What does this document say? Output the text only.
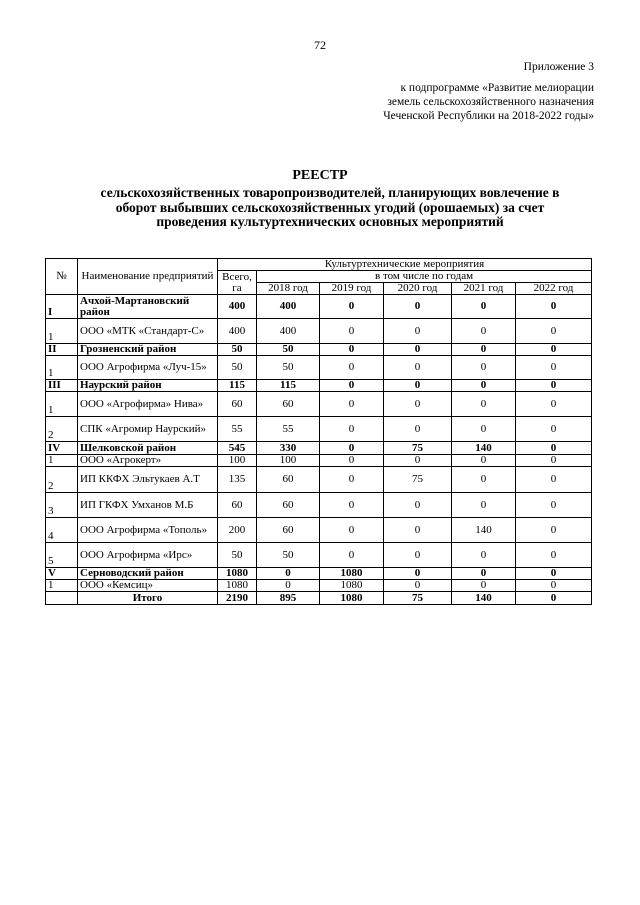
72
Приложение 3
к подпрограмме «Развитие мелиорации
земель сельскохозяйственного назначения
Чеченской Республики на 2018-2022 годы»
РЕЕСТР
сельскохозяйственных товаропроизводителей, планирующих вовлечение в оборот выбывших сельскохозяйственных угодий (орошаемых) за счет проведения культуртехнических основных мероприятий
№	Наименование предприятий	Культуртехнические мероприятия					
		Всего, га	в том числе по годам				
			2018 год	2019 год	2020 год	2021 год	2022 год
I	Ачхой-Мартановский район	400	400	0	0	0	0
1	ООО «МТК «Стандарт-С»	400	400	0	0	0	0
II	Грозненский район	50	50	0	0	0	0
1	ООО Агрофирма «Луч-15»	50	50	0	0	0	0
III	Наурский район	115	115	0	0	0	0
1	ООО «Агрофирма» Нива»	60	60	0	0	0	0
2	СПК «Агромир Наурский»	55	55	0	0	0	0
IV	Шелковской район	545	330	0	75	140	0
1	ООО «Агрокерт»	100	100	0	0	0	0
2	ИП ККФХ Эльтукаев А.Т	135	60	0	75	0	0
3	ИП ГКФХ Умханов М.Б	60	60	0	0	0	0
4	ООО Агрофирма «Тополь»	200	60	0	0	140	0
5	ООО Агрофирма «Ирс»	50	50	0	0	0	0
V	Серноводский район	1080	0	1080	0	0	0
1	ООО «Кемсиц»	1080	0	1080	0	0	0
	Итого	2190	895	1080	75	140	0
